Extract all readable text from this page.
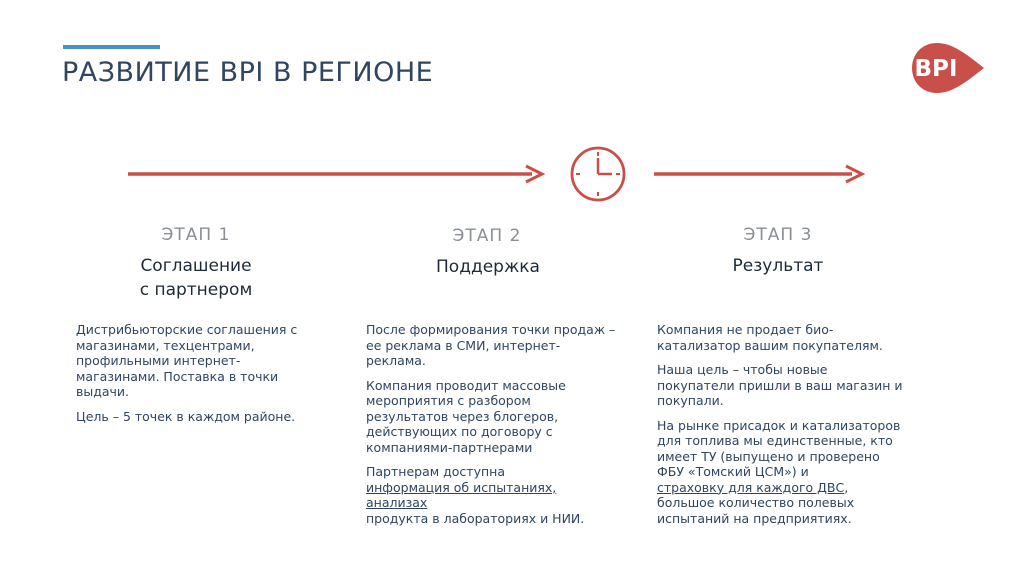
РАЗВИТИЕ ВPI В РЕГИОНЕ	BPI
ЭТАП 1
Соглашение
с партнером

Дистрибьюторские соглашения с магазинами, техцентрами, профильными интернет-магазинами. Поставка в точки выдачи.

Цель – 5 точек в каждом районе.

ЭТАП 2
Поддержка

После формирования точки продаж – ее реклама в СМИ, интернет-реклама.

Компания проводит массовые мероприятия с разбором результатов через блогеров, действующих по договору с компаниями-партнерами

Партнерам доступна
информация об испытаниях, анализах
продукта в лабораториях и НИИ.

ЭТАП 3
Результат

Компания не продает био-катализатор вашим покупателям.

Наша цель – чтобы новые покупатели пришли в ваш магазин и покупали.

На рынке присадок и катализаторов для топлива мы единственные, кто имеет ТУ (выпущено и проверено ФБУ «Томский ЦСМ») и
страховку для каждого ДВС, большое количество полевых испытаний на предприятиях.
